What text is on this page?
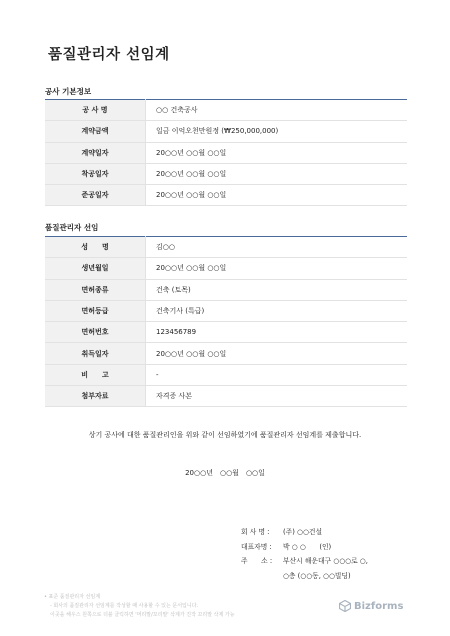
품질관리자 선임계
공사 기본정보
공 사 명	○○ 건축공사
계약금액	일금 이억오천만원정 (₩250,000,000)
계약일자	20○○년 ○○월 ○○일
착공일자	20○○년 ○○월 ○○일
준공일자	20○○년 ○○월 ○○일
품질관리자 선임
성　　명	김○○
생년월일	20○○년 ○○월 ○○일
면허종류	건축 (토목)
면허등급	건축기사 (특급)
면허번호	123456789
취득일자	20○○년 ○○월 ○○일
비　　고	-
첨부자료	자격증 사본
상기 공사에 대한 품질관리인을 위와 같이 선임하였기에 품질관리자 선임계를 제출합니다.
20○○년　○○월　○○일
회 사 명 :	(주) ○○건설
대표자명 :	박 ○ ○　　(인)
주　　소 :	부산시 해운대구 ○○○로 ○,
○층 (○○동, ○○빌딩)
• 표준 품질관리자 선임계
- 회사의 품질관리자 선임계를 작성할 때 사용할 수 있는 문서입니다.
이곳을 해우스 원쪽으로 더블 클릭하면 '머리말/꼬리말' 삭제가 진작 꼬리말 삭제 가능
Bizforms
